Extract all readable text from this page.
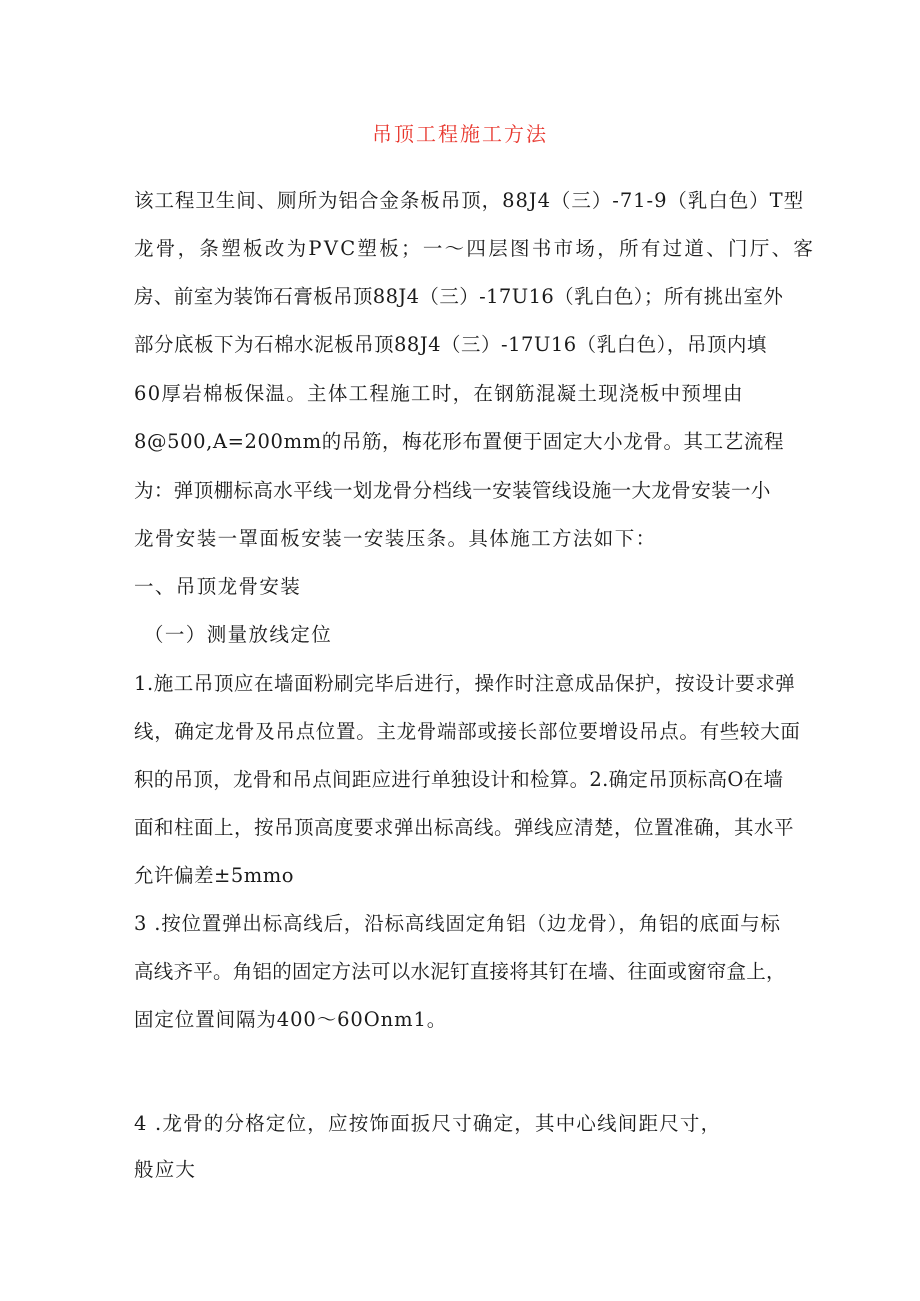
吊顶工程施工方法
该工程卫生间、厕所为铝合金条板吊顶，88J4（三）-71-9（乳白色）T型
龙骨，条塑板改为PVC塑板；一～四层图书市场，所有过道、门厅、客
房、前室为装饰石膏板吊顶88J4（三）-17U16（乳白色）；所有挑出室外
部分底板下为石棉水泥板吊顶88J4（三）-17U16（乳白色），吊顶内填
60厚岩棉板保温。主体工程施工时，在钢筋混凝土现浇板中预埋由
8@500,A=200mm的吊筋，梅花形布置便于固定大小龙骨。其工艺流程
为：弹顶棚标高水平线一划龙骨分档线一安装管线设施一大龙骨安装一小
龙骨安装一罩面板安装一安装压条。具体施工方法如下：
一、吊顶龙骨安装
（一）测量放线定位
1.施工吊顶应在墙面粉刷完毕后进行，操作时注意成品保护，按设计要求弹
线，确定龙骨及吊点位置。主龙骨端部或接长部位要增设吊点。有些较大面
积的吊顶，龙骨和吊点间距应进行单独设计和检算。2.确定吊顶标高O在墙
面和柱面上，按吊顶高度要求弹出标高线。弹线应清楚，位置准确，其水平
允许偏差±5mmo
3 .按位置弹出标高线后，沿标高线固定角铝（边龙骨），角铝的底面与标
高线齐平。角铝的固定方法可以水泥钉直接将其钉在墙、往面或窗帘盒上，
固定位置间隔为400～60Onm1。
4 .龙骨的分格定位，应按饰面扳尺寸确定，其中心线间距尺寸，
般应大
